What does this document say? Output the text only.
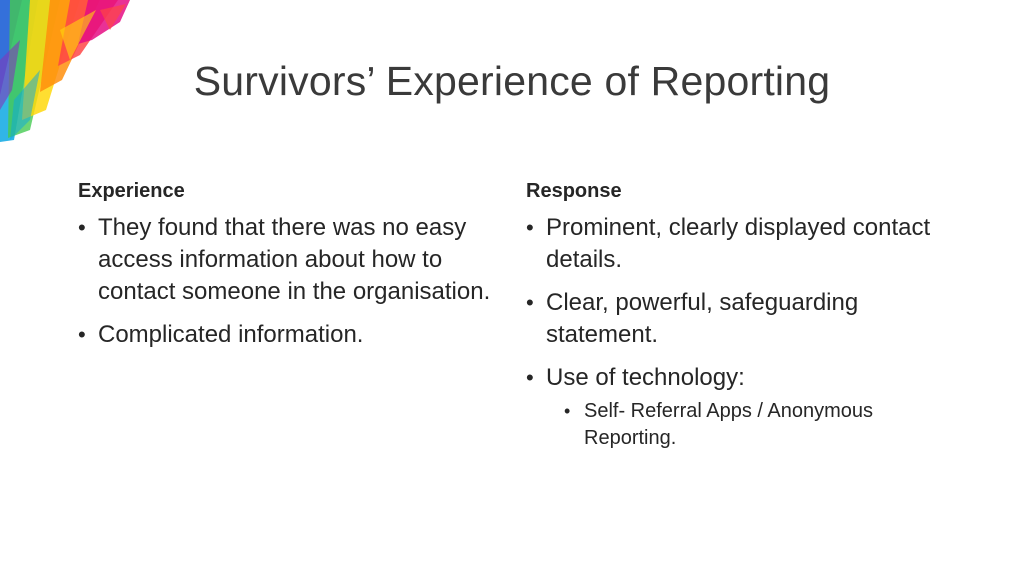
Survivors’ Experience of Reporting
Experience
• They found that there was no easy access information about how to contact someone in the organisation.
• Complicated information.
Response
• Prominent, clearly displayed contact details.
• Clear, powerful, safeguarding statement.
• Use of technology:
• Self- Referral Apps / Anonymous Reporting.
